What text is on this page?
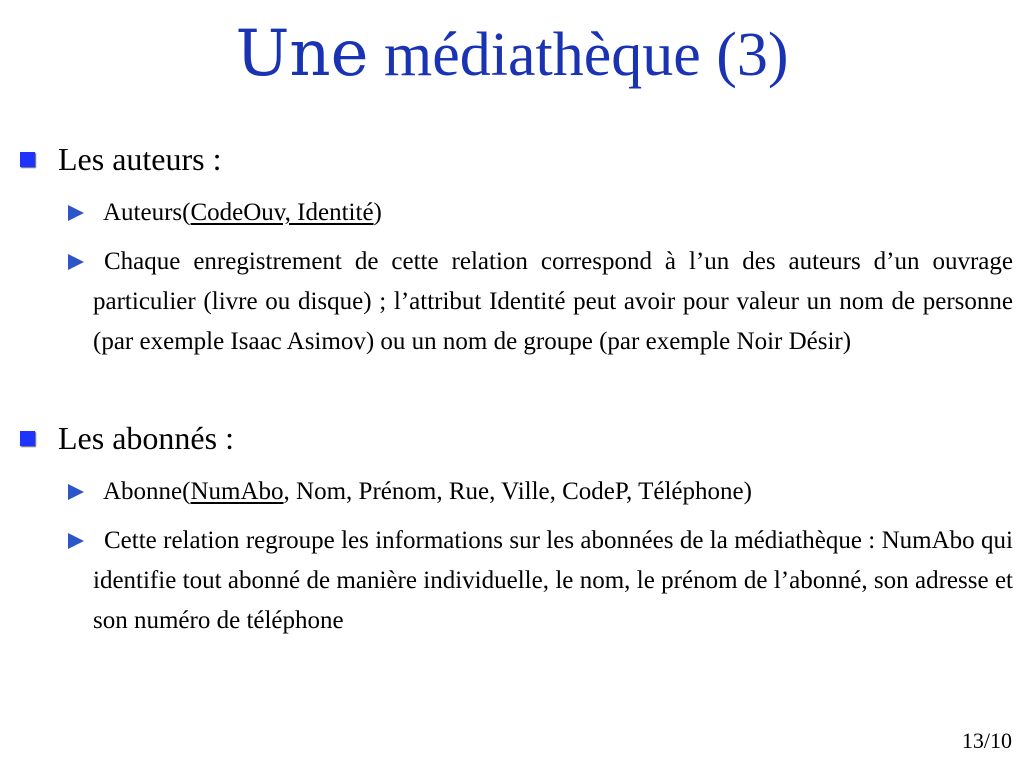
Une médiathèque (3)
Les auteurs :
Auteurs(CodeOuv, Identité)
Chaque enregistrement de cette relation correspond à l’un des auteurs d’un ouvrage particulier (livre ou disque) ; l’attribut Identité peut avoir pour valeur un nom de personne (par exemple Isaac Asimov) ou un nom de groupe (par exemple Noir Désir)
Les abonnés :
Abonne(NumAbo, Nom, Prénom, Rue, Ville, CodeP, Téléphone)
Cette relation regroupe les informations sur les abonnées de la médiathèque : NumAbo qui identifie tout abonné de manière individuelle, le nom, le prénom de l’abonné, son adresse et son numéro de téléphone
13/10
